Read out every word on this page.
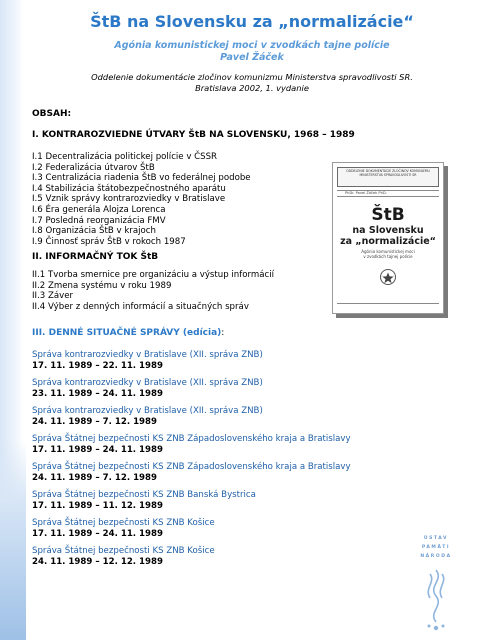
ŠtB na Slovensku za „normalizácie“
Agónia komunistickej moci v zvodkách tajne polície
Pavel Žáček
Oddelenie dokumentácie zločinov komunizmu Ministerstva spravodlivosti SR.
Bratislava 2002, 1. vydanie
OBSAH:
I. KONTRAROZVIEDNE ÚTVARY ŠtB NA SLOVENSKU, 1968 – 1989
I.1 Decentralizácia politickej polície v ČSSR
I.2 Federalizácia útvarov ŠtB
I.3 Centralizácia riadenia ŠtB vo federálnej podobe
I.4 Stabilizácia štátobezpečnostného aparátu
I.5 Vznik správy kontrarozviedky v Bratislave
I.6 Éra generála Alojza Lorenca
I.7 Posledná reorganizácia FMV
I.8 Organizácia ŠtB v krajoch
I.9 Činnosť správ ŠtB v rokoch 1987
II. INFORMAČNÝ TOK ŠtB
II.1 Tvorba smernice pre organizáciu a výstup informácií
II.2 Zmena systému v roku 1989
II.3 Záver
II.4 Výber z denných informácií a situačných správ
III. DENNÉ SITUAČNÉ SPRÁVY (edícia):
Správa kontrarozviedky v Bratislave (XII. správa ZNB)
17. 11. 1989 – 22. 11. 1989
Správa kontrarozviedky v Bratislave (XII. správa ZNB)
23. 11. 1989 – 24. 11. 1989
Správa kontrarozviedky v Bratislave (XII. správa ZNB)
24. 11. 1989 – 7. 12. 1989
Správa Štátnej bezpečnosti KS ZNB Západoslovenského kraja a Bratislavy
17. 11. 1989 – 24. 11. 1989
Správa Štátnej bezpečnosti KS ZNB Západoslovenského kraja a Bratislavy
24. 11. 1989 – 7. 12. 1989
Správa Štátnej bezpečnosti KS ZNB Banská Bystrica
17. 11. 1989 – 11. 12. 1989
Správa Štátnej bezpečnosti KS ZNB Košice
17. 11. 1989 – 24. 11. 1989
Správa Štátnej bezpečnosti KS ZNB Košice
24. 11. 1989 – 12. 12. 1989
ODDELENIE DOKUMENTÁCIE ZLOČINOV KOMUNIZMU MINISTERSTVA SPRAVODLIVOSTI SR
PhDr. Pavel Žáček PhD.
ŠtB
na Slovensku
za „normalizácie“
Agónia komunistickej moci
v zvodkách tajnej polície
ÚSTAV
PAMÄTI
NÁRODA
